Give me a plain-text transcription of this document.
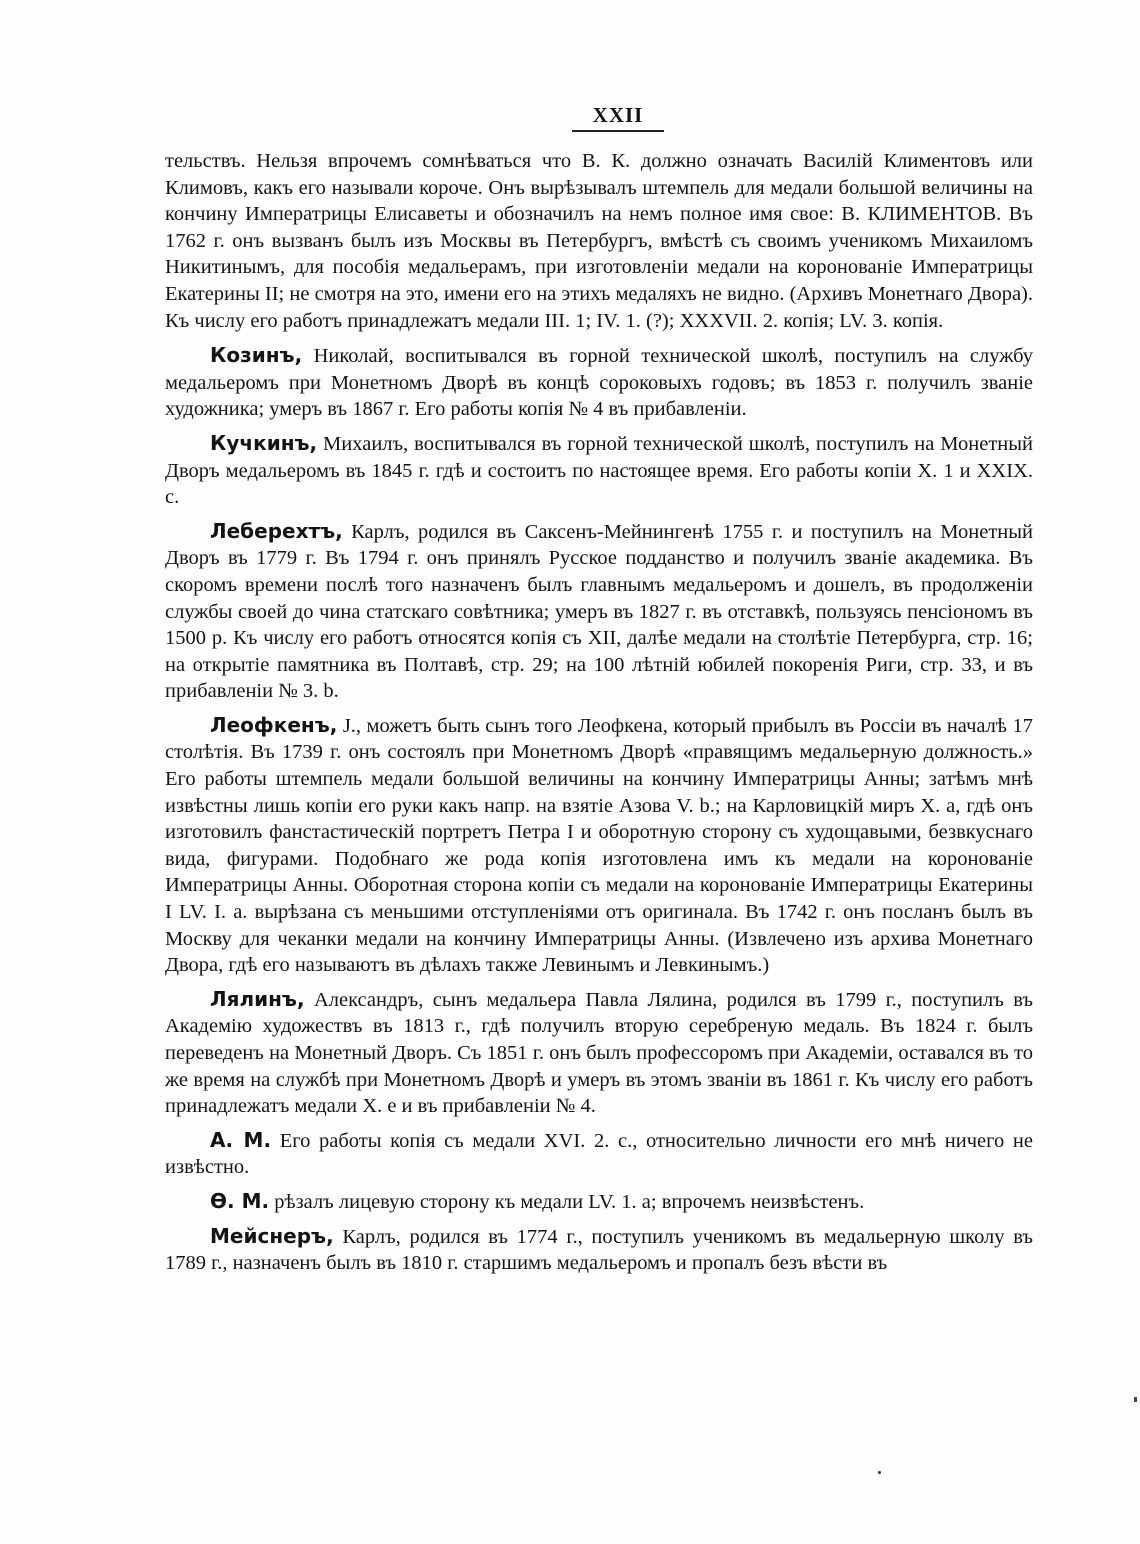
XXII

тельствъ. Нельзя впрочемъ сомнѣваться что В. К. должно означать Василій Климентовъ или Климовъ, какъ его называли короче. Онъ вырѣзывалъ штемпель для медали большой величины на кончину Императрицы Елисаветы и обозначилъ на немъ полное имя свое: В. КЛИМЕНТОВ. Въ 1762 г. онъ вызванъ былъ изъ Москвы въ Петербургъ, вмѣстѣ съ своимъ ученикомъ Михаиломъ Никитинымъ, для пособія медальерамъ, при изготовленіи медали на коронованіе Императрицы Екатерины II; не смотря на это, имени его на этихъ медаляхъ не видно. (Архивъ Монетнаго Двора). Къ числу его работъ принадлежатъ медали III. 1; IV. 1. (?); XXXVII. 2. копія; LV. 3. копія.

Козинъ, Николай, воспитывался въ горной технической школѣ, поступилъ на службу медальеромъ при Монетномъ Дворѣ въ концѣ сороковыхъ годовъ; въ 1853 г. получилъ званіе художника; умеръ въ 1867 г. Его работы копія № 4 въ прибавленіи.

Кучкинъ, Михаилъ, воспитывался въ горной технической школѣ, поступилъ на Монетный Дворъ медальеромъ въ 1845 г. гдѣ и состоитъ по настоящее время. Его работы копіи X. 1 и XXIX. c.

Леберехтъ, Карлъ, родился въ Саксенъ-Мейнингенѣ 1755 г. и поступилъ на Монетный Дворъ въ 1779 г. Въ 1794 г. онъ принялъ Русское подданство и получилъ званіе академика. Въ скоромъ времени послѣ того назначенъ былъ главнымъ медальеромъ и дошелъ, въ продолженіи службы своей до чина статскаго совѣтника; умеръ въ 1827 г. въ отставкѣ, пользуясь пенсіономъ въ 1500 р. Къ числу его работъ относятся копія съ XII, далѣе медали на столѣтіе Петербурга, стр. 16; на открытіе памятника въ Полтавѣ, стр. 29; на 100 лѣтній юбилей покоренія Риги, стр. 33, и въ прибавленіи № 3. b.

Леофкенъ, J., можетъ быть сынъ того Леофкена, который прибылъ въ Россіи въ началѣ 17 столѣтія. Въ 1739 г. онъ состоялъ при Монетномъ Дворѣ «правящимъ медальерную должность.» Его работы штемпель медали большой величины на кончину Императрицы Анны; затѣмъ мнѣ извѣстны лишь копіи его руки какъ напр. на взятіе Азова V. b.; на Карловицкій миръ X. a, гдѣ онъ изготовилъ фанстастическій портретъ Петра I и оборотную сторону съ худощавыми, безвкуснаго вида, фигурами. Подобнаго же рода копія изготовлена имъ къ медали на коронованіе Императрицы Анны. Оборотная сторона копіи съ медали на коронованіе Императрицы Екатерины I LV. I. a. вырѣзана съ меньшими отступленіями отъ оригинала. Въ 1742 г. онъ посланъ былъ въ Москву для чеканки медали на кончину Императрицы Анны. (Извлечено изъ архива Монетнаго Двора, гдѣ его называютъ въ дѣлахъ также Левинымъ и Левкинымъ.)

Лялинъ, Александръ, сынъ медальера Павла Лялина, родился въ 1799 г., поступилъ въ Академію художествъ въ 1813 г., гдѣ получилъ вторую серебреную медаль. Въ 1824 г. былъ переведенъ на Монетный Дворъ. Съ 1851 г. онъ былъ профессоромъ при Академіи, оставался въ то же время на службѣ при Монетномъ Дворѣ и умеръ въ этомъ званіи въ 1861 г. Къ числу его работъ принадлежатъ медали X. e и въ прибавленіи № 4.

А. М. Его работы копія съ медали XVI. 2. c., относительно личности его мнѣ ничего не извѣстно.

Ѳ. М. рѣзалъ лицевую сторону къ медали LV. 1. a; впрочемъ неизвѣстенъ.

Мейснеръ, Карлъ, родился въ 1774 г., поступилъ ученикомъ въ медальерную школу въ 1789 г., назначенъ былъ въ 1810 г. старшимъ медальеромъ и пропалъ безъ вѣсти въ
